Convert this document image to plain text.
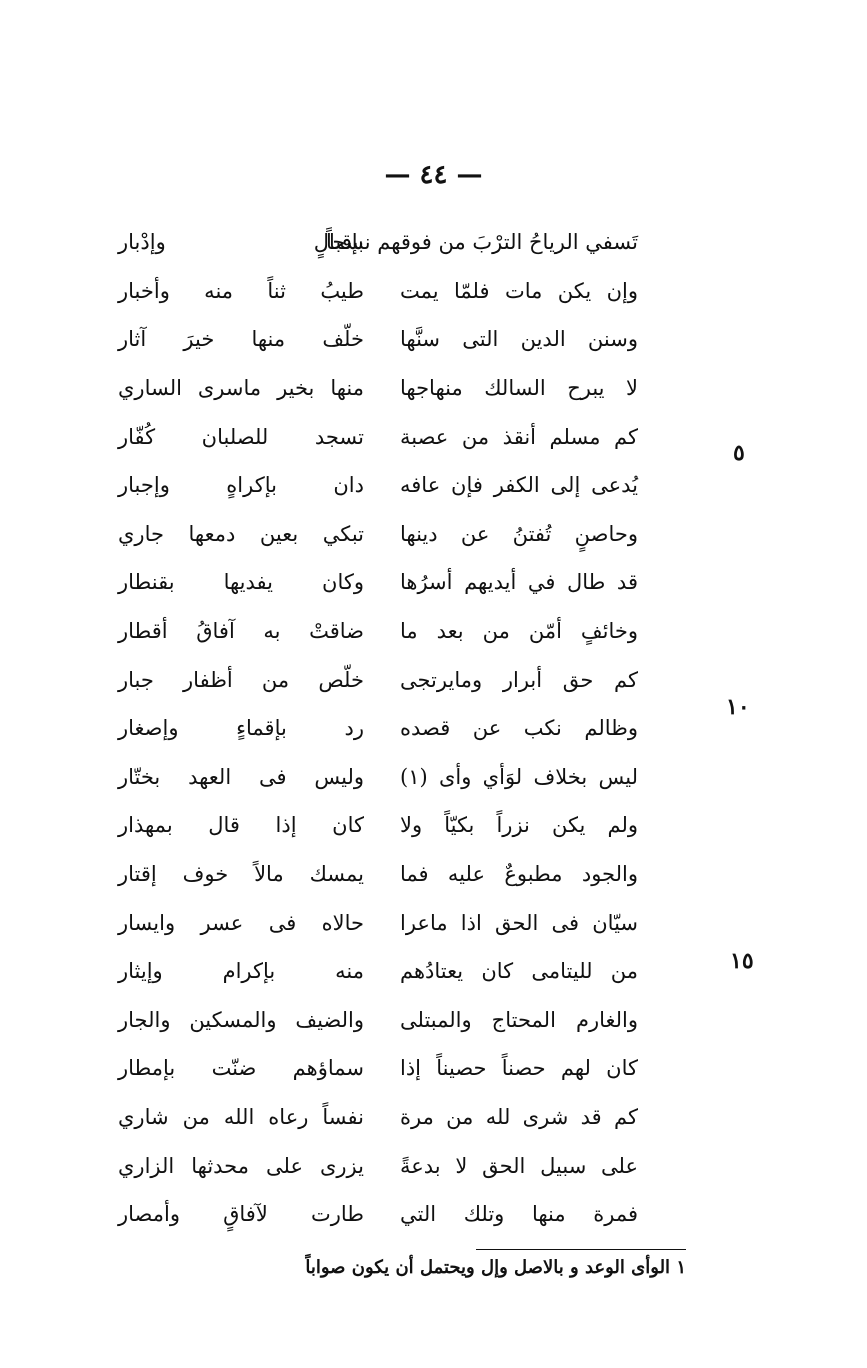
— ٤٤ —
٥
١٠
١٥
تَسفي الرياحُ الترْبَ من فوقهم نسجاً
بإقبالٍ وإدْبار
وإن يكن مات فلمّا يمت
طيبُ ثناً منه وأخبار
وسنن الدين التى سنَّها
خلّف منها خيرَ آثار
لا يبرح السالك منهاجها
منها بخير ماسرى الساري
كم مسلم أنقذ من عصبة
تسجد للصلبان كُفّار
يُدعى إلى الكفر فإن عافه
دان بإكراهٍ وإجبار
وحاصنٍ تُفتنُ عن دينها
تبكي بعين دمعها جاري
قد طال في أيديهم أسرُها
وكان يفديها بقنطار
وخائفٍ أمّن من بعد ما
ضاقتْ به آفاقُ أقطار
كم حق أبرار ومايرتجى
خلّص من أظفار جبار
وظالم نكب عن قصده
رد بإقماءٍ وإصغار
ليس بخلاف لوَأي وأى (١)
وليس فى العهد بختّار
ولم يكن نزراً بكيّاً ولا
كان إذا قال بمهذار
والجود مطبوعٌ عليه فما
يمسك مالاً خوف إقتار
سيّان فى الحق اذا ماعرا
حالاه فى عسر وايسار
من لليتامى كان يعتادُهم
منه بإكرام وإيثار
والغارم المحتاج والمبتلى
والضيف والمسكين والجار
كان لهم حصناً حصيناً إذا
سماؤهم ضنّت بإمطار
كم قد شرى لله من مرة
نفساً رعاه الله من شاري
على سبيل الحق لا بدعةً
يزرى على محدثها الزاري
فمرة منها وتلك التي
طارت لآفاقٍ وأمصار
١ الوأى الوعد و بالاصل وإل ويحتمل أن يكون صواباً
